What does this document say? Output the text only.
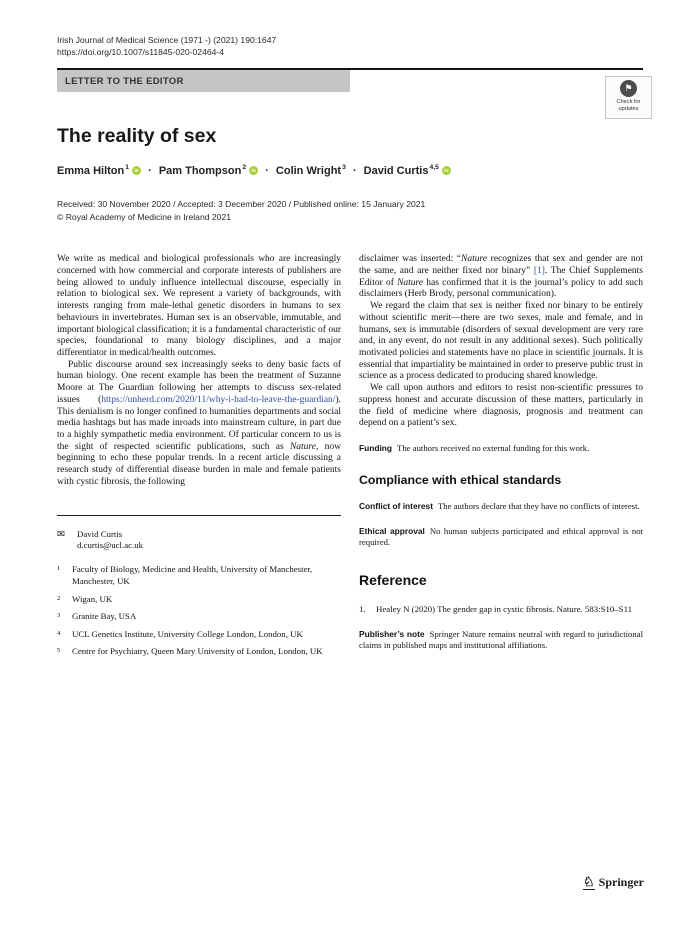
Irish Journal of Medical Science (1971 -) (2021) 190:1647
https://doi.org/10.1007/s11845-020-02464-4
LETTER TO THE EDITOR
⚑
Check for
updates
The reality of sex
Emma Hilton$^1$ iD · Pam Thompson$^2$ iD · Colin Wright$^3$ · David Curtis$^{4,5}$ iD
Received: 30 November 2020 / Accepted: 3 December 2020 / Published online: 15 January 2021
© Royal Academy of Medicine in Ireland 2021

We write as medical and biological professionals who are increasingly concerned with how commercial and corporate interests of publishers are being allowed to unduly influence intellectual discourse, especially in relation to biological sex. We represent a variety of backgrounds, with interests ranging from male-lethal genetic disorders in humans to sex behaviours in invertebrates. Human sex is an observable, immutable, and important biological classification; it is a fundamental characteristic of our species, foundational to many biology disciplines, and a major differentiator in medical/health outcomes.

Public discourse around sex increasingly seeks to deny basic facts of human biology. One recent example has been the treatment of Suzanne Moore at The Guardian following her attempts to discuss sex-related issues (https://unherd.com/2020/11/why-i-had-to-leave-the-guardian/). This denialism is no longer confined to humanities departments and social media hashtags but has made inroads into mainstream culture, in part due to a highly sympathetic media environment. Of particular concern to us is the sight of respected scientific publications, such as Nature, now beginning to echo these popular trends. In a recent article discussing a research study of differential disease burden in male and female patients with cystic fibrosis, the following

✉	David Curtis
d.curtis@ucl.ac.uk
1	Faculty of Biology, Medicine and Health, University of Manchester, Manchester, UK
2	Wigan, UK
3	Granite Bay, USA
4	UCL Genetics Institute, University College London, London, UK
5	Centre for Psychiatry, Queen Mary University of London, London, UK

disclaimer was inserted: “Nature recognizes that sex and gender are not the same, and are neither fixed nor binary” [1]. The Chief Supplements Editor of Nature has confirmed that it is the journal’s policy to add such disclaimers (Herb Brody, personal communication).

We regard the claim that sex is neither fixed nor binary to be entirely without scientific merit—there are two sexes, male and female, and in humans, sex is immutable (disorders of sexual development are very rare and, in any event, do not result in any additional sexes). Such politically motivated policies and statements have no place in scientific journals. It is essential that impartiality be maintained in order to preserve public trust in science as a process dedicated to producing shared knowledge.

We call upon authors and editors to resist non-scientific pressures to suppress honest and accurate discussion of these matters, particularly in the field of medicine where diagnosis, prognosis and treatment can depend on a patient’s sex.

Funding The authors received no external funding for this work.

Compliance with ethical standards

Conflict of interest The authors declare that they have no conflicts of interest.

Ethical approval No human subjects participated and ethical approval is not required.

Reference
1.	Healey N (2020) The gender gap in cystic fibrosis. Nature. 583:S10–S11

Publisher’s note Springer Nature remains neutral with regard to jurisdictional claims in published maps and institutional affiliations.

♘ Springer
